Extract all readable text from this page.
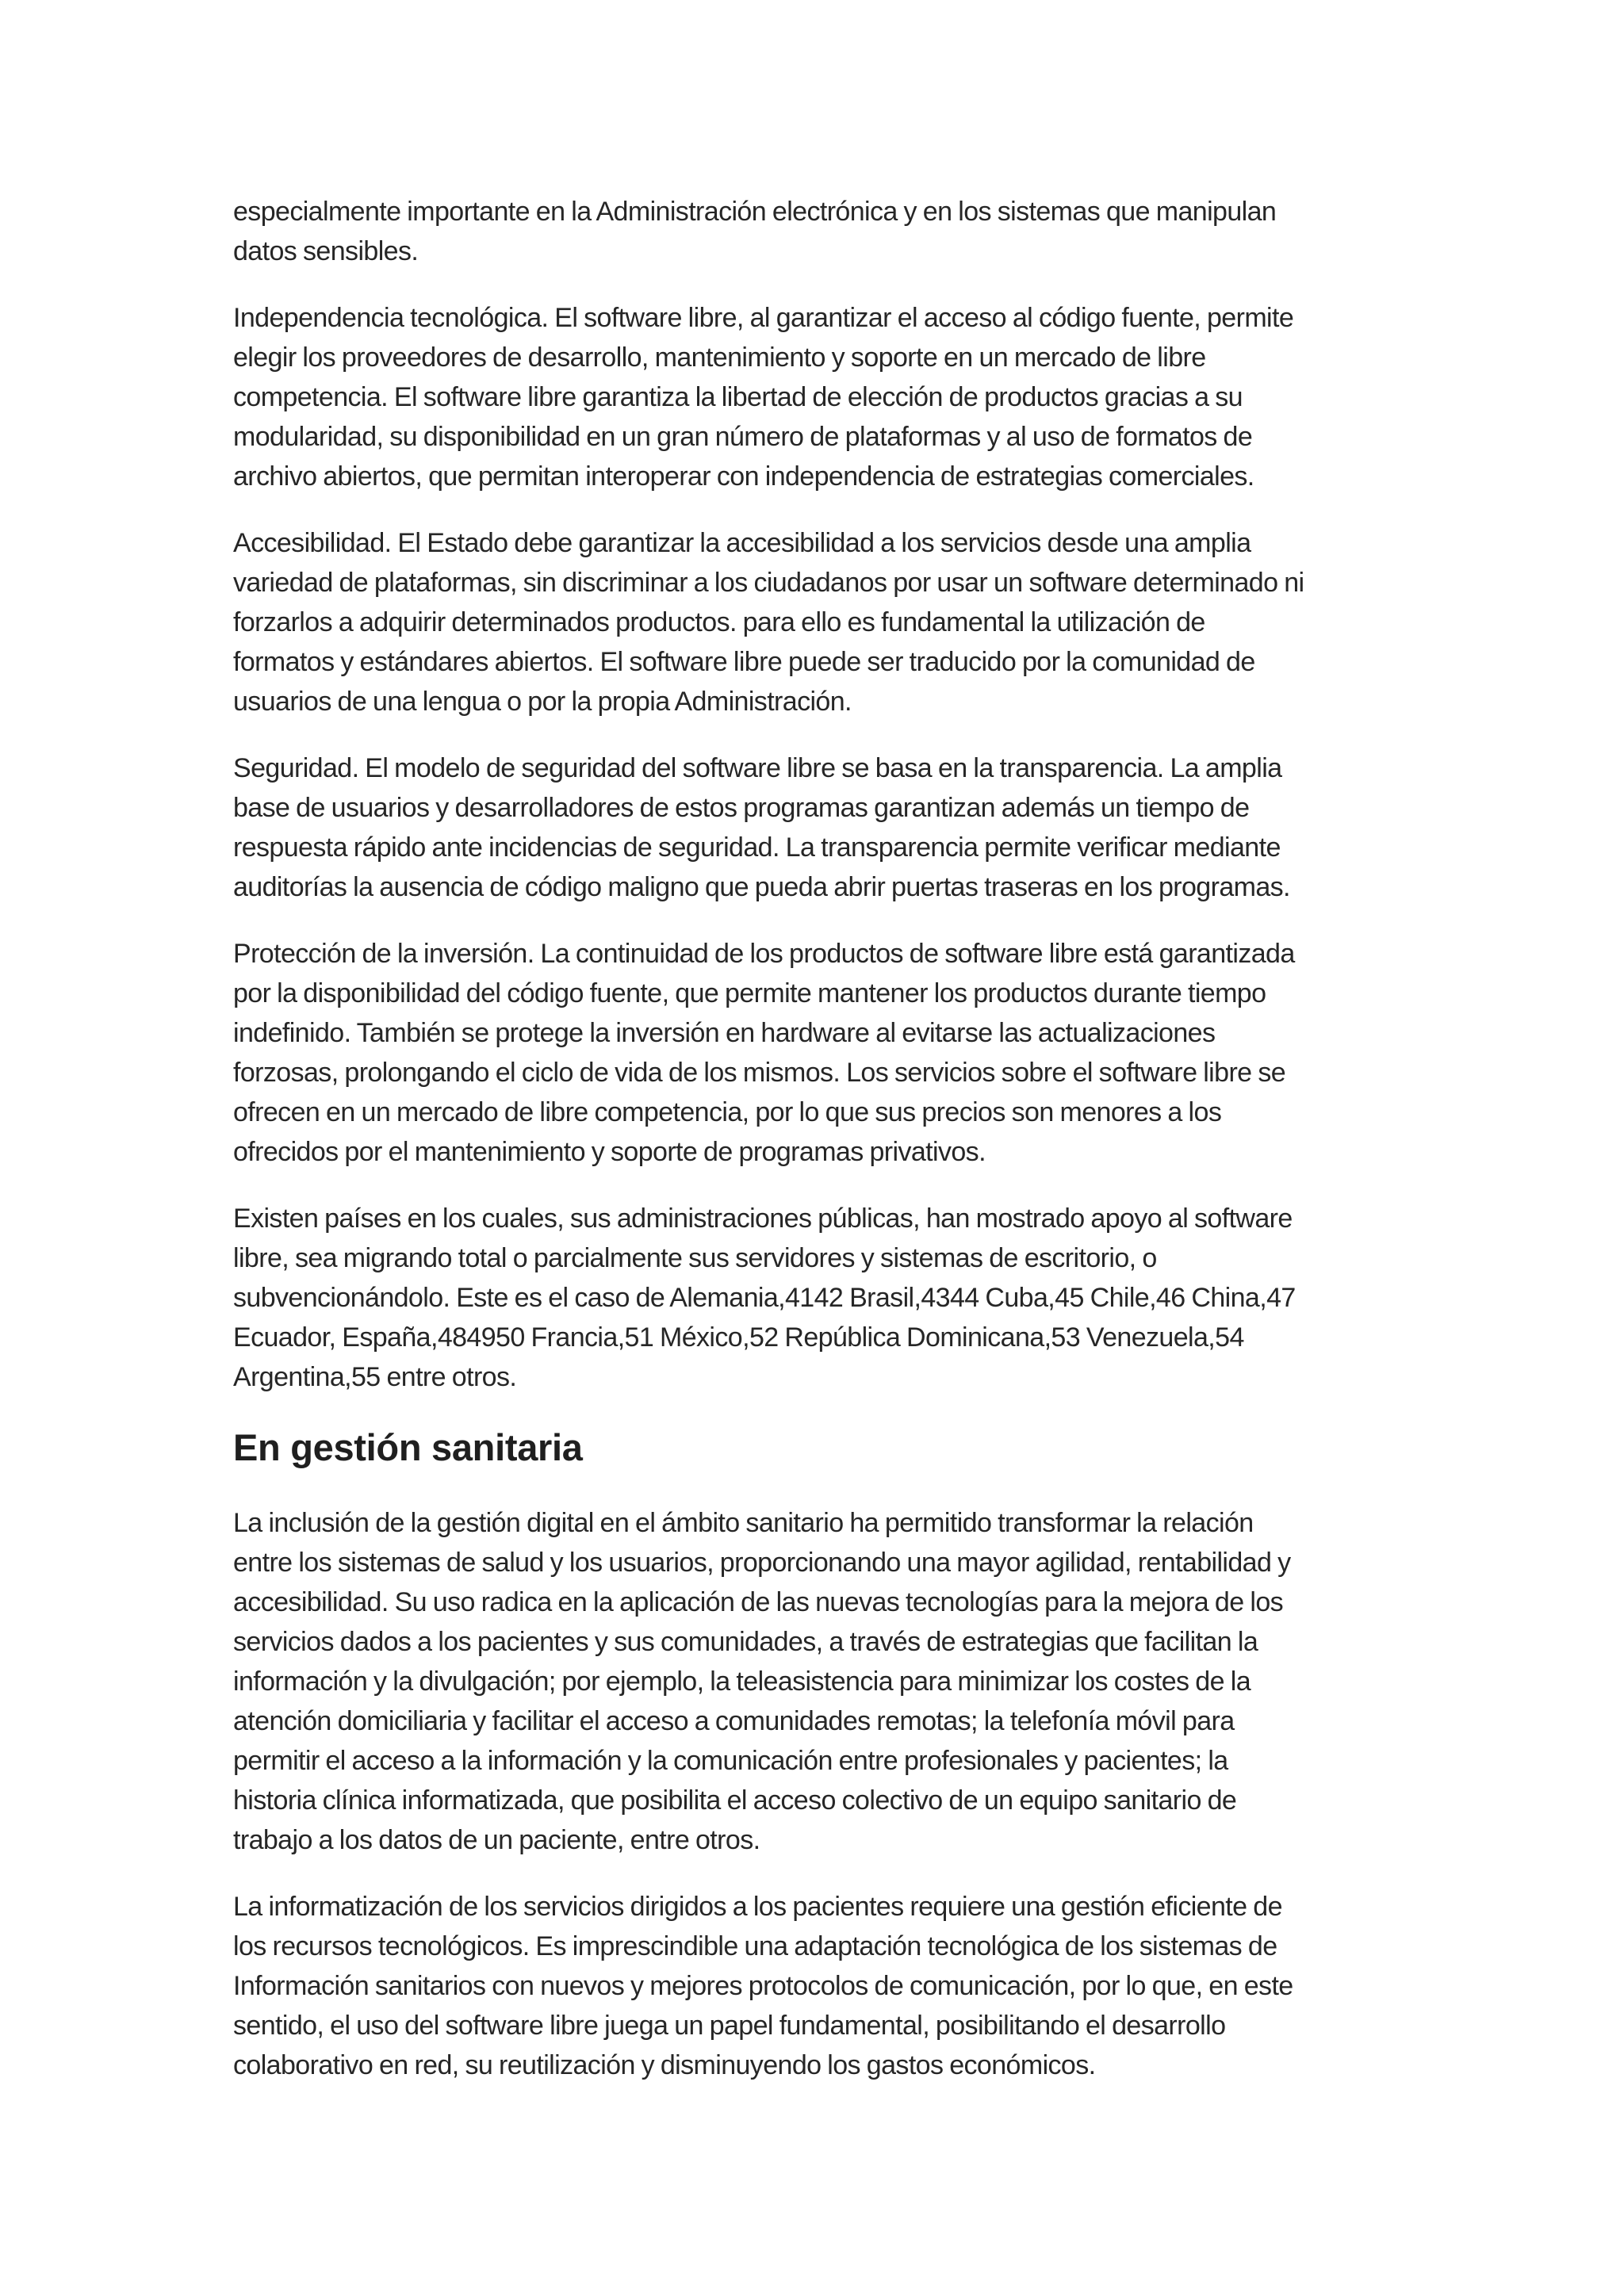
especialmente importante en la Administración electrónica y en los sistemas que manipulan
datos sensibles.

Independencia tecnológica. El software libre, al garantizar el acceso al código fuente, permite
elegir los proveedores de desarrollo, mantenimiento y soporte en un mercado de libre
competencia. El software libre garantiza la libertad de elección de productos gracias a su
modularidad, su disponibilidad en un gran número de plataformas y al uso de formatos de
archivo abiertos, que permitan interoperar con independencia de estrategias comerciales.

Accesibilidad. El Estado debe garantizar la accesibilidad a los servicios desde una amplia
variedad de plataformas, sin discriminar a los ciudadanos por usar un software determinado ni
forzarlos a adquirir determinados productos. para ello es fundamental la utilización de
formatos y estándares abiertos. El software libre puede ser traducido por la comunidad de
usuarios de una lengua o por la propia Administración.

Seguridad. El modelo de seguridad del software libre se basa en la transparencia. La amplia
base de usuarios y desarrolladores de estos programas garantizan además un tiempo de
respuesta rápido ante incidencias de seguridad. La transparencia permite verificar mediante
auditorías la ausencia de código maligno que pueda abrir puertas traseras en los programas.

Protección de la inversión. La continuidad de los productos de software libre está garantizada
por la disponibilidad del código fuente, que permite mantener los productos durante tiempo
indefinido. También se protege la inversión en hardware al evitarse las actualizaciones
forzosas, prolongando el ciclo de vida de los mismos. Los servicios sobre el software libre se
ofrecen en un mercado de libre competencia, por lo que sus precios son menores a los
ofrecidos por el mantenimiento y soporte de programas privativos.

Existen países en los cuales, sus administraciones públicas, han mostrado apoyo al software
libre, sea migrando total o parcialmente sus servidores y sistemas de escritorio, o
subvencionándolo. Este es el caso de Alemania,4142 Brasil,4344 Cuba,45 Chile,46 China,47
Ecuador, España,484950 Francia,51 México,52 República Dominicana,53 Venezuela,54
Argentina,55 entre otros.

En gestión sanitaria

La inclusión de la gestión digital en el ámbito sanitario ha permitido transformar la relación
entre los sistemas de salud y los usuarios, proporcionando una mayor agilidad, rentabilidad y
accesibilidad. Su uso radica en la aplicación de las nuevas tecnologías para la mejora de los
servicios dados a los pacientes y sus comunidades, a través de estrategias que facilitan la
información y la divulgación; por ejemplo, la teleasistencia para minimizar los costes de la
atención domiciliaria y facilitar el acceso a comunidades remotas; la telefonía móvil para
permitir el acceso a la información y la comunicación entre profesionales y pacientes; la
historia clínica informatizada, que posibilita el acceso colectivo de un equipo sanitario de
trabajo a los datos de un paciente, entre otros.

La informatización de los servicios dirigidos a los pacientes requiere una gestión eficiente de
los recursos tecnológicos. Es imprescindible una adaptación tecnológica de los sistemas de
Información sanitarios con nuevos y mejores protocolos de comunicación, por lo que, en este
sentido, el uso del software libre juega un papel fundamental, posibilitando el desarrollo
colaborativo en red, su reutilización y disminuyendo los gastos económicos.
